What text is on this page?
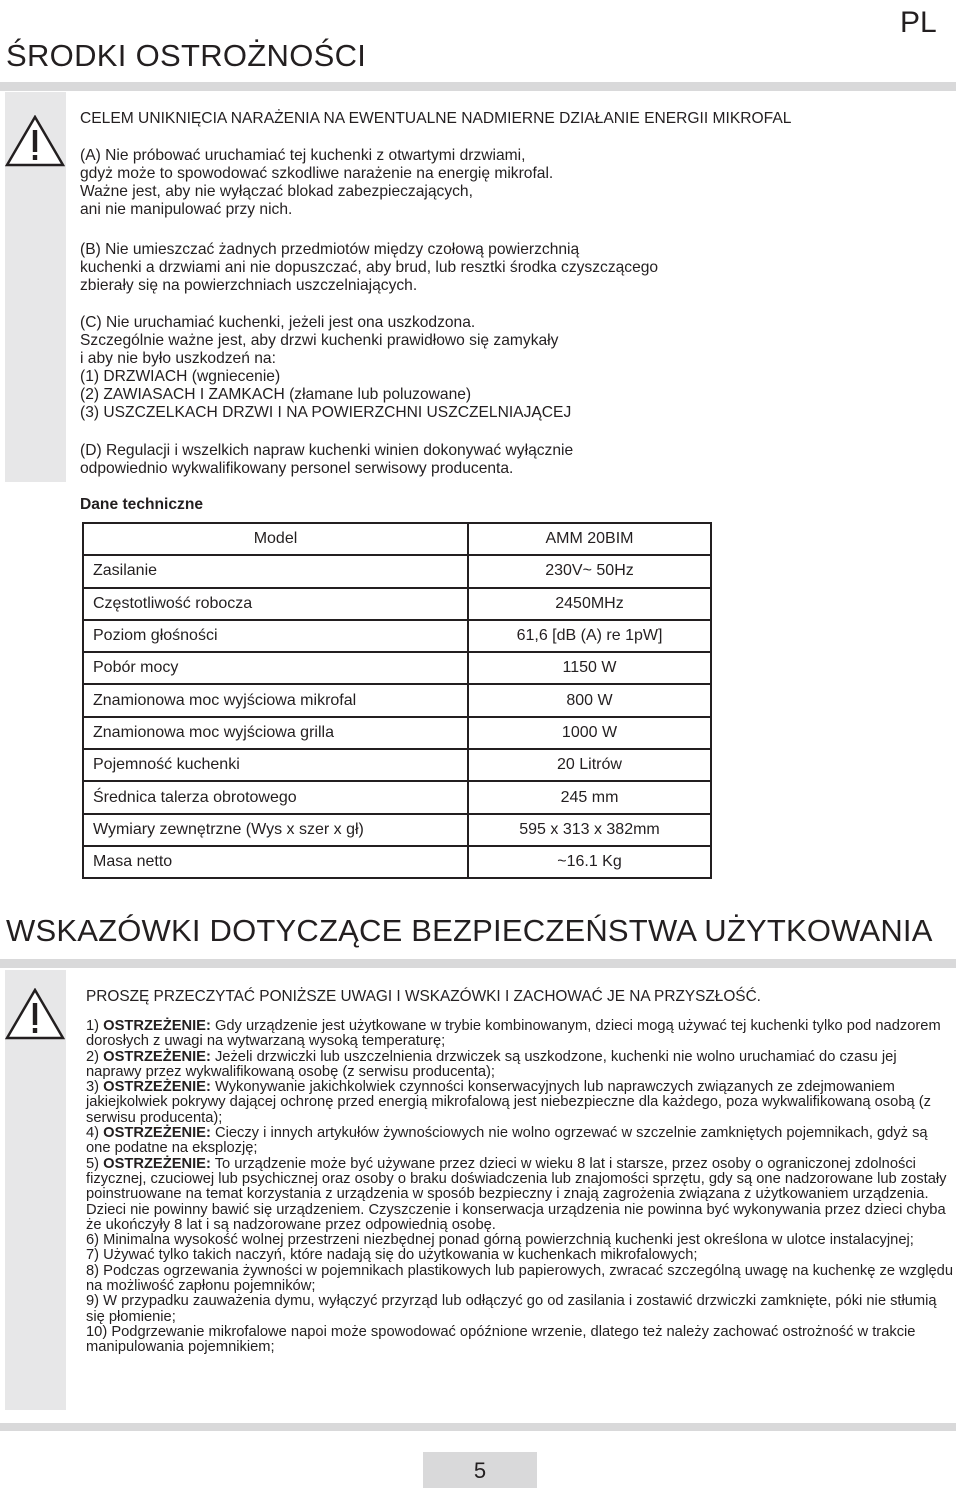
PL
ŚRODKI OSTROŻNOŚCI
CELEM UNIKNIĘCIA NARAŻENIA NA EWENTUALNE NADMIERNE DZIAŁANIE ENERGII MIKROFAL

(A) Nie próbować uruchamiać tej kuchenki z otwartymi drzwiami,
gdyż może to spowodować szkodliwe narażenie na energię mikrofal.
Ważne jest, aby nie wyłączać blokad zabezpieczających,
ani nie manipulować przy nich.

(B) Nie umieszczać żadnych przedmiotów między czołową powierzchnią
kuchenki a drzwiami ani nie dopuszczać, aby brud, lub resztki środka czyszczącego
zbierały się na powierzchniach uszczelniających.

(C) Nie uruchamiać kuchenki, jeżeli jest ona uszkodzona.
Szczególnie ważne jest, aby drzwi kuchenki prawidłowo się zamykały
i aby nie było uszkodzeń na:
(1) DRZWIACH (wgniecenie)
(2) ZAWIASACH I ZAMKACH (złamane lub poluzowane)
(3) USZCZELKACH DRZWI I NA POWIERZCHNI USZCZELNIAJĄCEJ

(D) Regulacji i wszelkich napraw kuchenki winien dokonywać wyłącznie
odpowiednio wykwalifikowany personel serwisowy producenta.

Dane techniczne
Model	AMM 20BIM
Zasilanie	230V~ 50Hz
Częstotliwość robocza	2450MHz
Poziom głośności	61,6 [dB (A) re 1pW]
Pobór mocy	1150 W
Znamionowa moc wyjściowa mikrofal	800 W
Znamionowa moc wyjściowa grilla	1000 W
Pojemność kuchenki	20 Litrów
Średnica talerza obrotowego	245 mm
Wymiary zewnętrzne (Wys x szer x gł)	595 x 313 x 382mm
Masa netto	~16.1 Kg
WSKAZÓWKI DOTYCZĄCE BEZPIECZEŃSTWA UŻYTKOWANIA
PROSZĘ PRZECZYTAĆ PONIŻSZE UWAGI I WSKAZÓWKI I ZACHOWAĆ JE NA PRZYSZŁOŚĆ.

1) OSTRZEŻENIE: Gdy urządzenie jest użytkowane w trybie kombinowanym, dzieci mogą używać tej kuchenki tylko pod nadzorem dorosłych z uwagi na wytwarzaną wysoką temperaturę;

2) OSTRZEŻENIE: Jeżeli drzwiczki lub uszczelnienia drzwiczek są uszkodzone, kuchenki nie wolno uruchamiać do czasu jej naprawy przez wykwalifikowaną osobę (z serwisu producenta);

3) OSTRZEŻENIE: Wykonywanie jakichkolwiek czynności konserwacyjnych lub naprawczych związanych ze zdejmowaniem jakiejkolwiek pokrywy dającej ochronę przed energią mikrofalową jest niebezpieczne dla każdego, poza wykwalifikowaną osobą (z serwisu producenta);

4) OSTRZEŻENIE: Cieczy i innych artykułów żywnościowych nie wolno ogrzewać w szczelnie zamkniętych pojemnikach, gdyż są one podatne na eksplozję;

5) OSTRZEŻENIE: To urządzenie może być używane przez dzieci w wieku 8 lat i starsze, przez osoby o ograniczonej zdolności fizycznej, czuciowej lub psychicznej oraz osoby o braku doświadczenia lub znajomości sprzętu, gdy są one nadzorowane lub zostały poinstruowane na temat korzystania z urządzenia w sposób bezpieczny i znają zagrożenia związana z użytkowaniem urządzenia. Dzieci nie powinny bawić się urządzeniem. Czyszczenie i konserwacja urządzenia nie powinna być wykonywania przez dzieci chyba że ukończyły 8 lat i są nadzorowane przez odpowiednią osobę.

6) Minimalna wysokość wolnej przestrzeni niezbędnej ponad górną powierzchnią kuchenki jest określona w ulotce instalacyjnej;

7) Używać tylko takich naczyń, które nadają się do użytkowania w kuchenkach mikrofalowych;

8) Podczas ogrzewania żywności w pojemnikach plastikowych lub papierowych, zwracać szczególną uwagę na kuchenkę ze względu na możliwość zapłonu pojemników;

9) W przypadku zauważenia dymu, wyłączyć przyrząd lub odłączyć go od zasilania i zostawić drzwiczki zamknięte, póki nie stłumią się płomienie;

10) Podgrzewanie mikrofalowe napoi może spowodować opóźnione wrzenie, dlatego też należy zachować ostrożność w trakcie manipulowania pojemnikiem;

5
